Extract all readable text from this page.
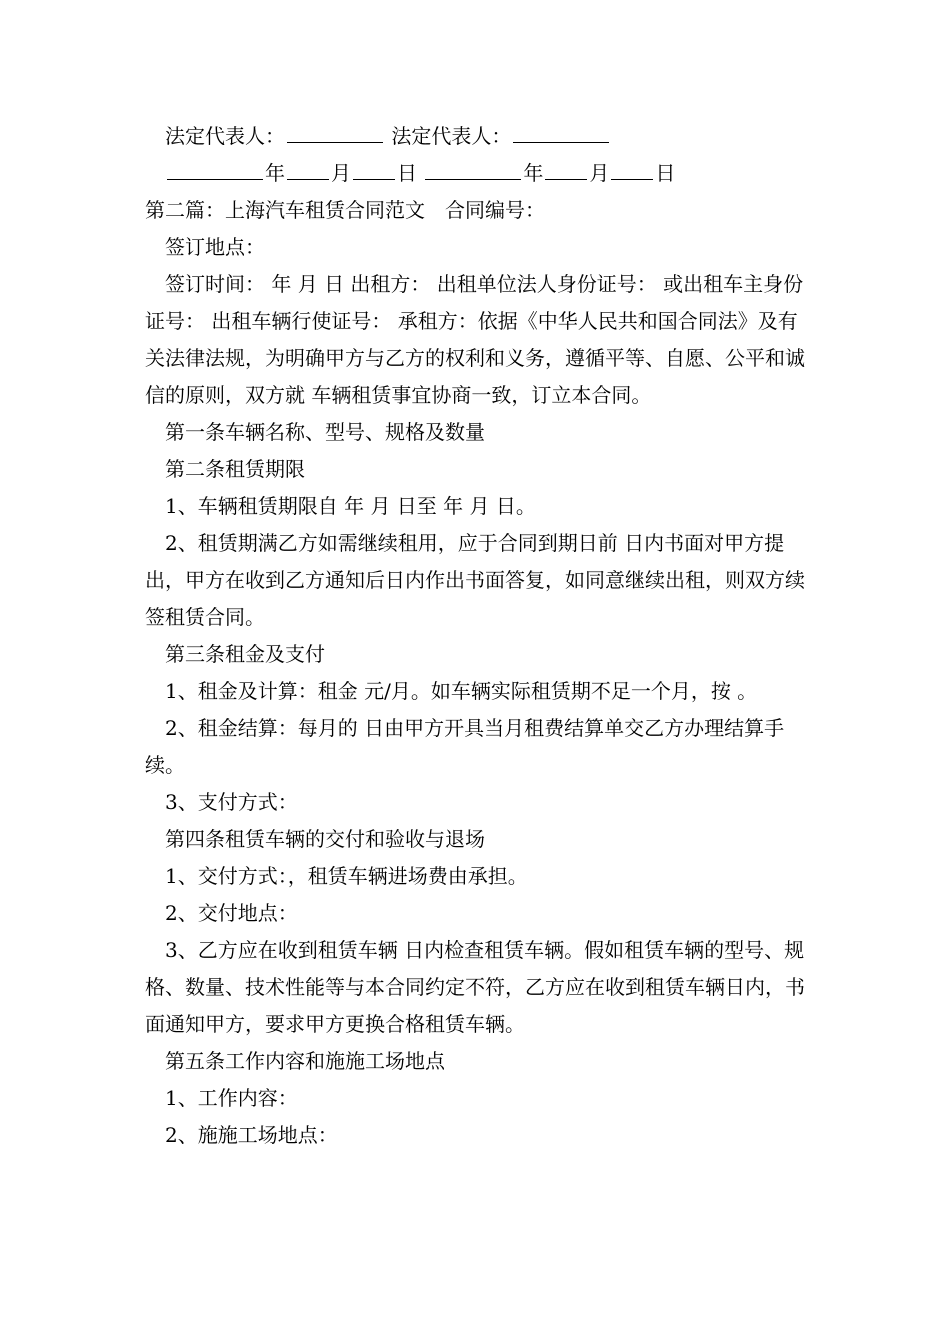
法定代表人：	法定代表人：

年 月 日	年 月 日

第二篇：上海汽车租赁合同范文　合同编号：

签订地点：

签订时间： 年 月 日 出租方： 出租单位法人身份证号： 或出租车主身份证号： 出租车辆行使证号： 承租方：依据《中华人民共和国合同法》及有关法律法规，为明确甲方与乙方的权利和义务，遵循平等、自愿、公平和诚信的原则，双方就 车辆租赁事宜协商一致，订立本合同。

第一条车辆名称、型号、规格及数量

第二条租赁期限

1、车辆租赁期限自 年 月 日至 年 月 日。

2、租赁期满乙方如需继续租用，应于合同到期日前 日内书面对甲方提出，甲方在收到乙方通知后日内作出书面答复，如同意继续出租，则双方续签租赁合同。

第三条租金及支付

1、租金及计算：租金 元/月。如车辆实际租赁期不足一个月，按 。

2、租金结算：每月的 日由甲方开具当月租费结算单交乙方办理结算手续。

3、支付方式：

第四条租赁车辆的交付和验收与退场

1、交付方式：，租赁车辆进场费由承担。

2、交付地点：

3、乙方应在收到租赁车辆 日内检查租赁车辆。假如租赁车辆的型号、规格、数量、技术性能等与本合同约定不符，乙方应在收到租赁车辆日内，书面通知甲方，要求甲方更换合格租赁车辆。

第五条工作内容和施施工场地点

1、工作内容：

2、施施工场地点：
